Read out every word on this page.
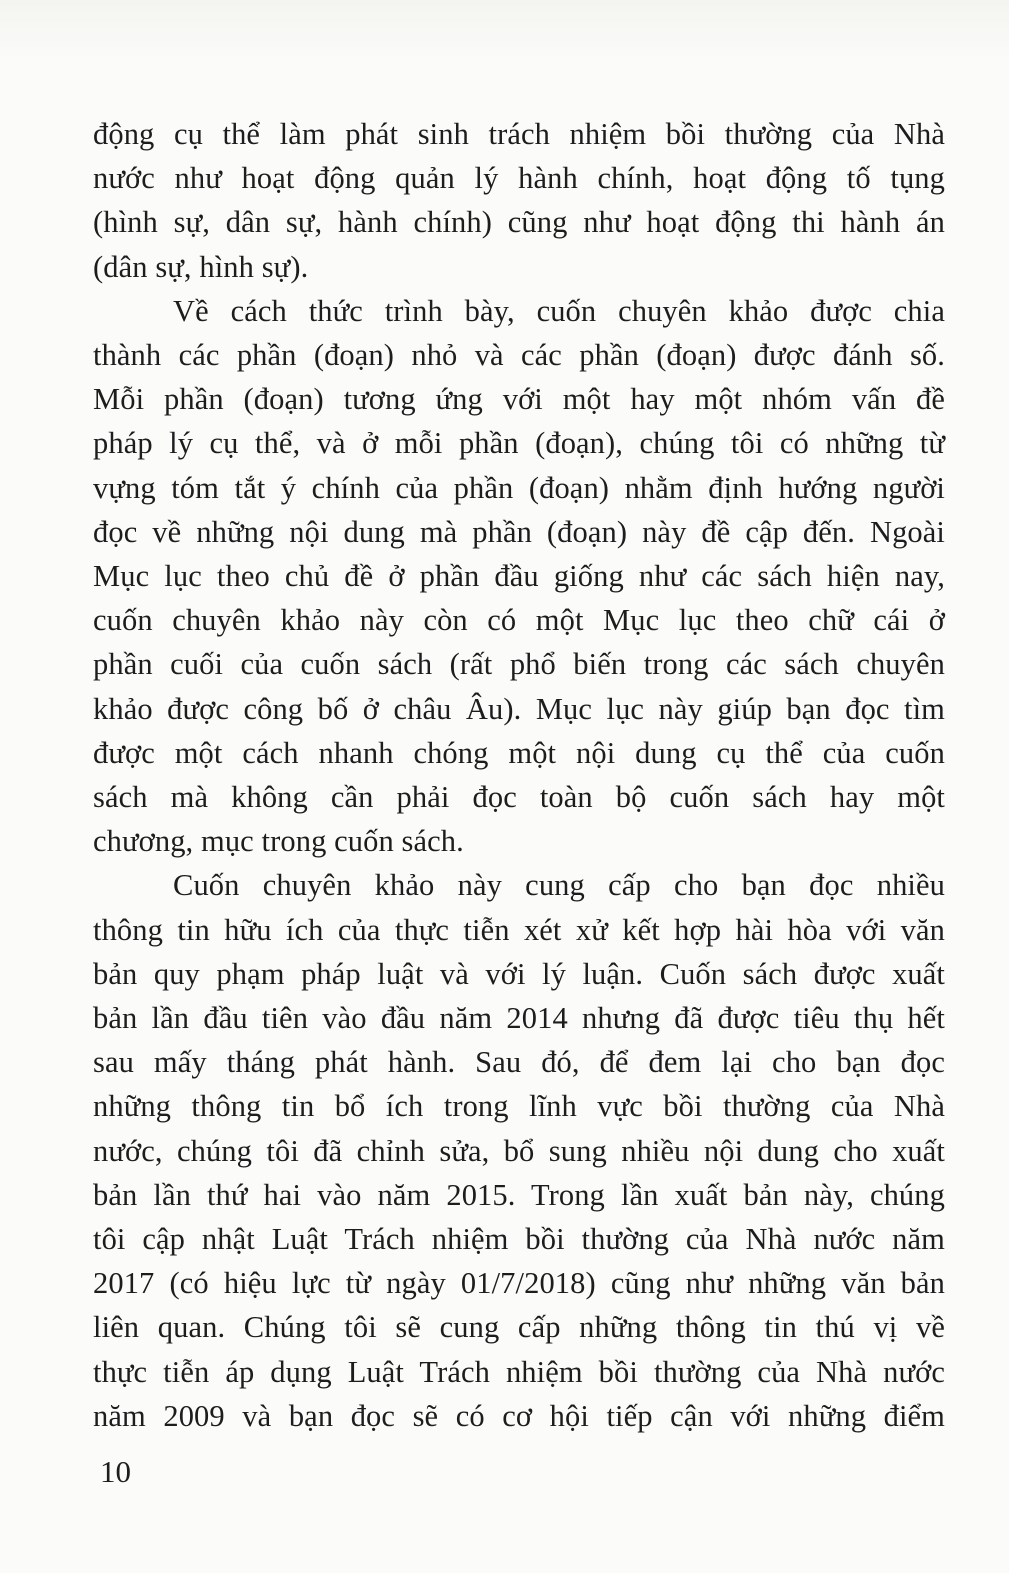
động cụ thể làm phát sinh trách nhiệm bồi thường của Nhà
nước như hoạt động quản lý hành chính, hoạt động tố tụng
(hình sự, dân sự, hành chính) cũng như hoạt động thi hành án
(dân sự, hình sự).

Về cách thức trình bày, cuốn chuyên khảo được chia
thành các phần (đoạn) nhỏ và các phần (đoạn) được đánh số.
Mỗi phần (đoạn) tương ứng với một hay một nhóm vấn đề
pháp lý cụ thể, và ở mỗi phần (đoạn), chúng tôi có những từ
vựng tóm tắt ý chính của phần (đoạn) nhằm định hướng người
đọc về những nội dung mà phần (đoạn) này đề cập đến. Ngoài
Mục lục theo chủ đề ở phần đầu giống như các sách hiện nay,
cuốn chuyên khảo này còn có một Mục lục theo chữ cái ở
phần cuối của cuốn sách (rất phổ biến trong các sách chuyên
khảo được công bố ở châu Âu). Mục lục này giúp bạn đọc tìm
được một cách nhanh chóng một nội dung cụ thể của cuốn
sách mà không cần phải đọc toàn bộ cuốn sách hay một
chương, mục trong cuốn sách.

Cuốn chuyên khảo này cung cấp cho bạn đọc nhiều
thông tin hữu ích của thực tiễn xét xử kết hợp hài hòa với văn
bản quy phạm pháp luật và với lý luận. Cuốn sách được xuất
bản lần đầu tiên vào đầu năm 2014 nhưng đã được tiêu thụ hết
sau mấy tháng phát hành. Sau đó, để đem lại cho bạn đọc
những thông tin bổ ích trong lĩnh vực bồi thường của Nhà
nước, chúng tôi đã chỉnh sửa, bổ sung nhiều nội dung cho xuất
bản lần thứ hai vào năm 2015. Trong lần xuất bản này, chúng
tôi cập nhật Luật Trách nhiệm bồi thường của Nhà nước năm
2017 (có hiệu lực từ ngày 01/7/2018) cũng như những văn bản
liên quan. Chúng tôi sẽ cung cấp những thông tin thú vị về
thực tiễn áp dụng Luật Trách nhiệm bồi thường của Nhà nước
năm 2009 và bạn đọc sẽ có cơ hội tiếp cận với những điểm

10
